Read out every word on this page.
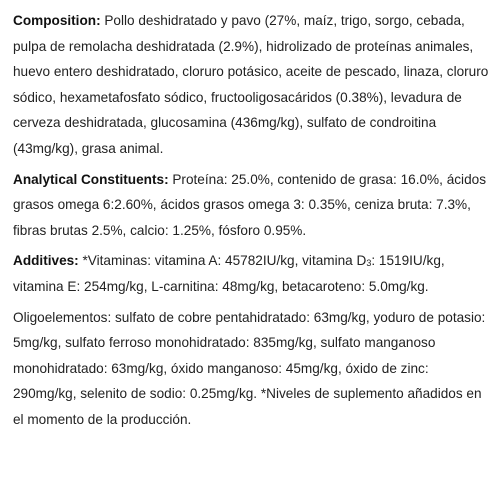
Composition: Pollo deshidratado y pavo (27%, maíz, trigo, sorgo, cebada, pulpa de remolacha deshidratada (2.9%), hidrolizado de proteínas animales, huevo entero deshidratado, cloruro potásico, aceite de pescado, linaza, cloruro sódico, hexametafosfato sódico, fructooligosacáridos (0.38%), levadura de cerveza deshidratada, glucosamina (436mg/kg), sulfato de condroitina (43mg/kg), grasa animal.

Analytical Constituents: Proteína: 25.0%, contenido de grasa: 16.0%, ácidos grasos omega 6:2.60%, ácidos grasos omega 3: 0.35%, ceniza bruta: 7.3%, fibras brutas 2.5%, calcio: 1.25%, fósforo 0.95%.

Additives: *Vitaminas: vitamina A: 45782IU/kg, vitamina $D_3$: 1519IU/kg, vitamina E: 254mg/kg, L-carnitina: 48mg/kg, betacaroteno: 5.0mg/kg.

Oligoelementos: sulfato de cobre pentahidratado: 63mg/kg, yoduro de potasio: 5mg/kg, sulfato ferroso monohidratado: 835mg/kg, sulfato manganoso monohidratado: 63mg/kg, óxido manganoso: 45mg/kg, óxido de zinc: 290mg/kg, selenito de sodio: 0.25mg/kg. *Niveles de suplemento añadidos en el momento de la producción.
